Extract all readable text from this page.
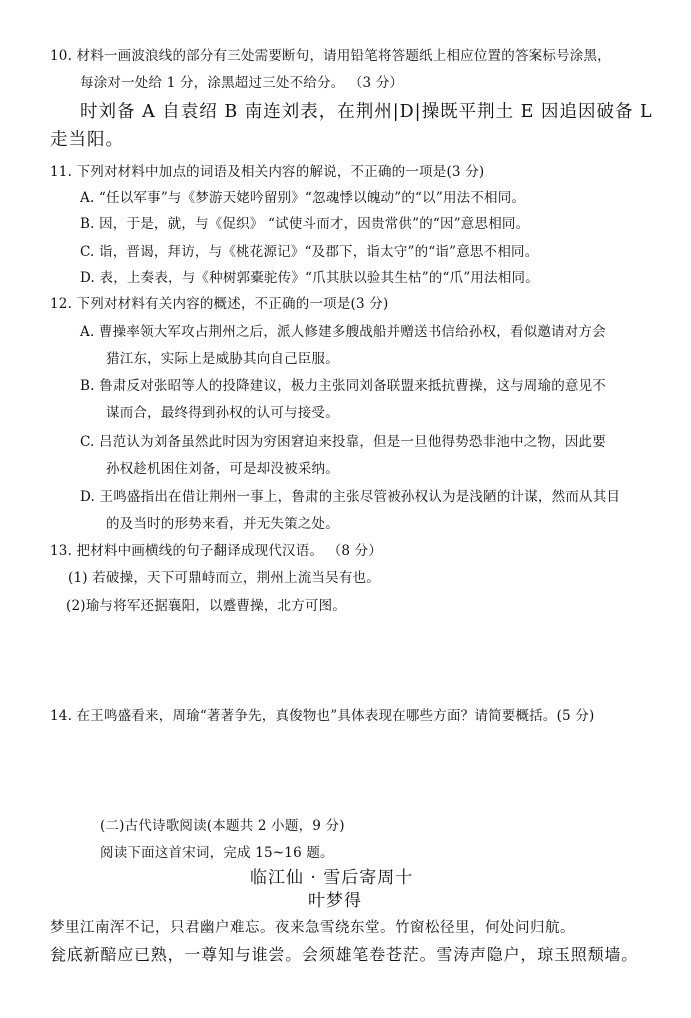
10. 材料一画波浪线的部分有三处需要断句，请用铅笔将答题纸上相应位置的答案标号涂黑，
每涂对一处给 1 分，涂黑超过三处不给分。 （3 分）
时刘备 A 自袁绍 B 南连刘表，在荆州|D|操既平荆土 E 因追因破备 L
走当阳。
11. 下列对材料中加点的词语及相关内容的解说，不正确的一项是(3 分)
A. “任以军事”与《梦游天姥吟留别》“忽魂悸以魄动”的“以”用法不相同。
B. 因，于是，就，与《促织》 “试使斗而才，因贵常供”的“因”意思相同。
C. 诣，晋谒，拜访，与《桃花源记》“及郡下，诣太守”的“诣”意思不相同。
D. 表，上奏表，与《种树郭橐驼传》“爪其肤以验其生枯”的“爪”用法相同。
12. 下列对材料有关内容的概述，不正确的一项是(3 分)
A. 曹操率领大军攻占荆州之后，派人修建多艘战船并赠送书信给孙权，看似邀请对方会
猎江东，实际上是威胁其向自己臣服。
B. 鲁肃反对张昭等人的投降建议，极力主张同刘备联盟来抵抗曹操，这与周瑜的意见不
谋而合，最终得到孙权的认可与接受。
C. 吕范认为刘备虽然此时因为穷困窘迫来投靠，但是一旦他得势恐非池中之物，因此要
孙权趁机困住刘备，可是却没被采纳。
D. 王鸣盛指出在借让荆州一事上，鲁肃的主张尽管被孙权认为是浅陋的计谋，然而从其目
的及当时的形势来看，并无失策之处。
13. 把材料中画横线的句子翻译成现代汉语。 （8 分）
(1) 若破操，天下可鼎峙而立，荆州上流当吴有也。
(2)瑜与将军还据襄阳，以蹙曹操，北方可图。
14. 在王鸣盛看来，周瑜“著著争先，真俊物也”具体表现在哪些方面？请简要概括。(5 分)
(二)古代诗歌阅读(本题共 2 小题，9 分)
阅读下面这首宋词，完成 15~16 题。
临江仙 · 雪后寄周十
叶梦得
梦里江南浑不记，只君幽户难忘。夜来急雪绕东堂。竹窗松径里，何处问归航。
瓮底新醅应已熟，一尊知与谁尝。会须雄笔卷苍茫。雪涛声隐户，琼玉照颓墙。
